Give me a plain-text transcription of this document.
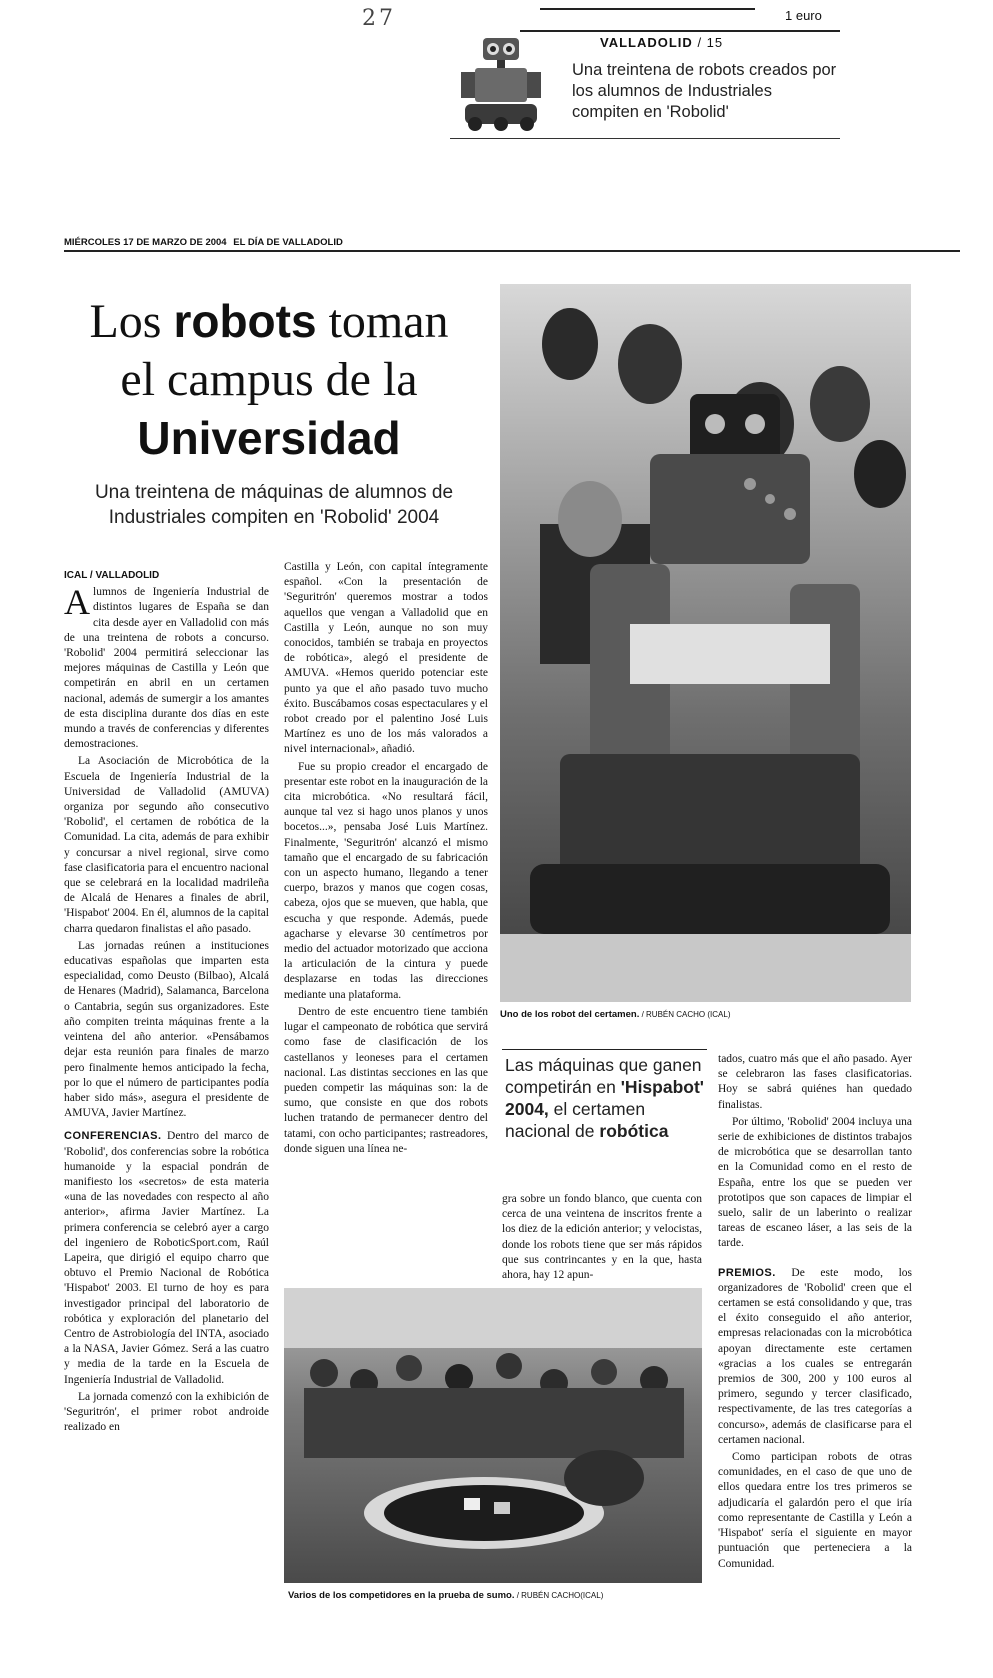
27	1 euro
VALLADOLID / 15
Una treintena de robots creados por los alumnos de Industriales compiten en 'Robolid'
MIÉRCOLES 17 DE MARZO DE 2004 EL DÍA DE VALLADOLID
Los robots toman
el campus de la
Universidad
Una treintena de máquinas de alumnos de Industriales compiten en 'Robolid' 2004
ICAL / VALLADOLID

Alumnos de Ingeniería Industrial de distintos lugares de España se dan cita desde ayer en Valladolid con más de una treintena de robots a concurso. 'Robolid' 2004 permitirá seleccionar las mejores máquinas de Castilla y León que competirán en abril en un certamen nacional, además de sumergir a los amantes de esta disciplina durante dos días en este mundo a través de conferencias y diferentes demostraciones.

La Asociación de Microbótica de la Escuela de Ingeniería Industrial de la Universidad de Valladolid (AMUVA) organiza por segundo año consecutivo 'Robolid', el certamen de robótica de la Comunidad. La cita, además de para exhibir y concursar a nivel regional, sirve como fase clasificatoria para el encuentro nacional que se celebrará en la localidad madrileña de Alcalá de Henares a finales de abril, 'Hispabot' 2004. En él, alumnos de la capital charra quedaron finalistas el año pasado.

Las jornadas reúnen a instituciones educativas españolas que imparten esta especialidad, como Deusto (Bilbao), Alcalá de Henares (Madrid), Salamanca, Barcelona o Cantabria, según sus organizadores. Este año compiten treinta máquinas frente a la veintena del año anterior. «Pensábamos dejar esta reunión para finales de marzo pero finalmente hemos anticipado la fecha, por lo que el número de participantes podía haber sido más», asegura el presidente de AMUVA, Javier Martínez.

CONFERENCIAS. Dentro del marco de 'Robolid', dos conferencias sobre la robótica humanoide y la espacial pondrán de manifiesto los «secretos» de esta materia «una de las novedades con respecto al año anterior», afirma Javier Martínez. La primera conferencia se celebró ayer a cargo del ingeniero de RoboticSport.com, Raúl Lapeira, que dirigió el equipo charro que obtuvo el Premio Nacional de Robótica 'Hispabot' 2003. El turno de hoy es para investigador principal del laboratorio de robótica y exploración del planetario del Centro de Astrobiología del INTA, asociado a la NASA, Javier Gómez. Será a las cuatro y media de la tarde en la Escuela de Ingeniería Industrial de Valladolid.

La jornada comenzó con la exhibición de 'Seguritrón', el primer robot androide realizado en

Castilla y León, con capital íntegramente español. «Con la presentación de 'Seguritrón' queremos mostrar a todos aquellos que vengan a Valladolid que en Castilla y León, aunque no son muy conocidos, también se trabaja en proyectos de robótica», alegó el presidente de AMUVA. «Hemos querido potenciar este punto ya que el año pasado tuvo mucho éxito. Buscábamos cosas espectaculares y el robot creado por el palentino José Luis Martínez es uno de los más valorados a nivel internacional», añadió.

Fue su propio creador el encargado de presentar este robot en la inauguración de la cita microbótica. «No resultará fácil, aunque tal vez si hago unos planos y unos bocetos...», pensaba José Luis Martínez. Finalmente, 'Seguritrón' alcanzó el mismo tamaño que el encargado de su fabricación con un aspecto humano, llegando a tener cuerpo, brazos y manos que cogen cosas, cabeza, ojos que se mueven, que habla, que escucha y que responde. Además, puede agacharse y elevarse 30 centímetros por medio del actuador motorizado que acciona la articulación de la cintura y puede desplazarse en todas las direcciones mediante una plataforma.

Dentro de este encuentro tiene también lugar el campeonato de robótica que servirá como fase de clasificación de los castellanos y leoneses para el certamen nacional. Las distintas secciones en las que pueden competir las máquinas son: la de sumo, que consiste en que dos robots luchen tratando de permanecer dentro del tatami, con ocho participantes; rastreadores, donde siguen una línea ne-

Uno de los robot del certamen. / RUBÉN CACHO (ICAL)
Las máquinas que ganen competirán en 'Hispabot' 2004, el certamen nacional de robótica

gra sobre un fondo blanco, que cuenta con cerca de una veintena de inscritos frente a los diez de la edición anterior; y velocistas, donde los robots tiene que ser más rápidos que sus contrincantes y en la que, hasta ahora, hay 12 apun-

tados, cuatro más que el año pasado. Ayer se celebraron las fases clasificatorias. Hoy se sabrá quiénes han quedado finalistas.

Por último, 'Robolid' 2004 incluya una serie de exhibiciones de distintos trabajos de microbótica que se desarrollan tanto en la Comunidad como en el resto de España, entre los que se pueden ver prototipos que son capaces de limpiar el suelo, salir de un laberinto o realizar tareas de escaneo láser, a las seis de la tarde.

PREMIOS. De este modo, los organizadores de 'Robolid' creen que el certamen se está consolidando y que, tras el éxito conseguido el año anterior, empresas relacionadas con la microbótica apoyan directamente este certamen «gracias a los cuales se entregarán premios de 300, 200 y 100 euros al primero, segundo y tercer clasificado, respectivamente, de las tres categorías a concurso», además de clasificarse para el certamen nacional.

Como participan robots de otras comunidades, en el caso de que uno de ellos quedara entre los tres primeros se adjudicaría el galardón pero el que iría como representante de Castilla y León a 'Hispabot' sería el siguiente en mayor puntuación que perteneciera a la Comunidad.

Varios de los competidores en la prueba de sumo. / RUBÉN CACHO(ICAL)
